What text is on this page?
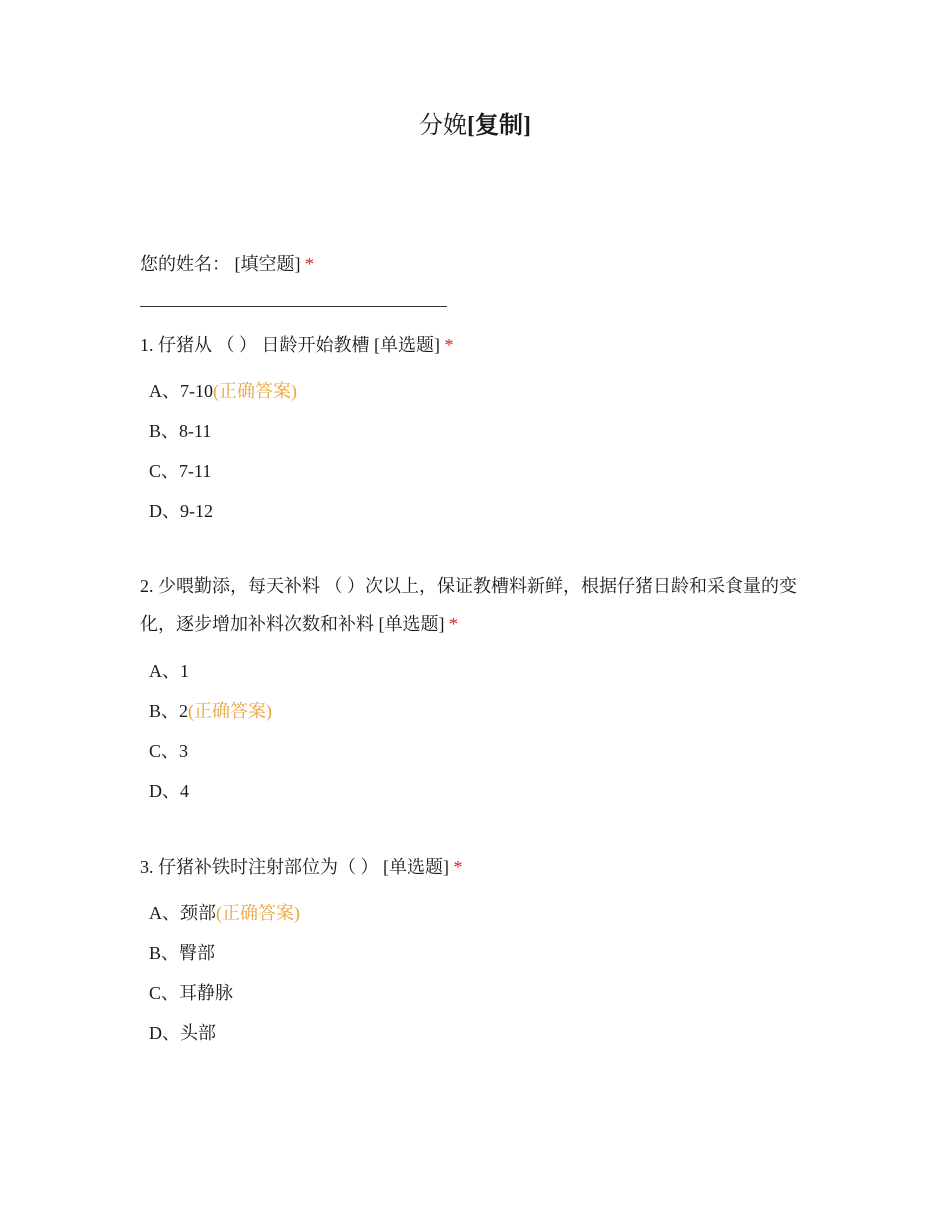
分娩[复制]
您的姓名： [填空题] *
1. 仔猪从 （ ） 日龄开始教槽 [单选题] *
A、7-10(正确答案)
B、8-11
C、7-11
D、9-12
2. 少喂勤添，每天补料 （ ）次以上，保证教槽料新鲜，根据仔猪日龄和采食量的变化，逐步增加补料次数和补料 [单选题] *
A、1
B、2(正确答案)
C、3
D、4
3. 仔猪补铁时注射部位为（ ） [单选题] *
A、颈部(正确答案)
B、臀部
C、耳静脉
D、头部
